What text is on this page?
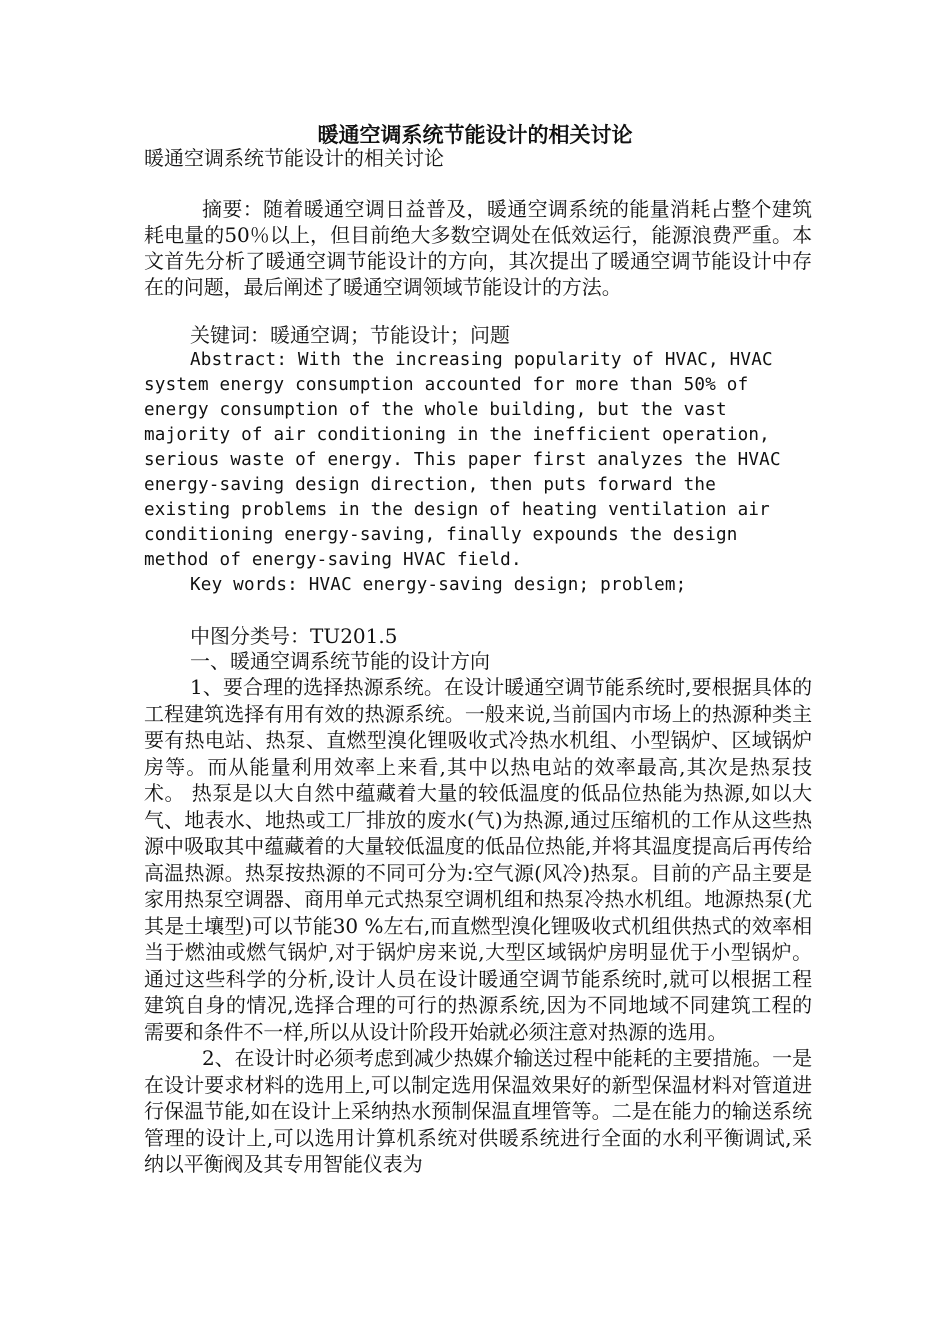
暖通空调系统节能设计的相关讨论

暖通空调系统节能设计的相关讨论

摘要：随着暖通空调日益普及，暖通空调系统的能量消耗占整个建筑耗电量的50％以上，但目前绝大多数空调处在低效运行，能源浪费严重。本文首先分析了暖通空调节能设计的方向，其次提出了暖通空调节能设计中存在的问题，最后阐述了暖通空调领域节能设计的方法。

关键词：暖通空调；节能设计；问题

Abstract: With the increasing popularity of HVAC, HVAC system energy consumption accounted for more than 50% of energy consumption of the whole building, but the vast majority of air conditioning in the inefficient operation, serious waste of energy. This paper first analyzes the HVAC energy-saving design direction, then puts forward the existing problems in the design of heating ventilation air conditioning energy-saving, finally expounds the design method of energy-saving HVAC field.

Key words: HVAC energy-saving design; problem;

中图分类号：TU201.5

一、暖通空调系统节能的设计方向

1、要合理的选择热源系统。在设计暖通空调节能系统时,要根据具体的工程建筑选择有用有效的热源系统。一般来说,当前国内市场上的热源种类主要有热电站、热泵、直燃型溴化锂吸收式冷热水机组、小型锅炉、区域锅炉房等。而从能量利用效率上来看,其中以热电站的效率最高,其次是热泵技术。 热泵是以大自然中蕴藏着大量的较低温度的低品位热能为热源,如以大气、地表水、地热或工厂排放的废水(气)为热源,通过压缩机的工作从这些热源中吸取其中蕴藏着的大量较低温度的低品位热能,并将其温度提高后再传给高温热源。热泵按热源的不同可分为:空气源(风冷)热泵。目前的产品主要是家用热泵空调器、商用单元式热泵空调机组和热泵冷热水机组。地源热泵(尤其是土壤型)可以节能30 %左右,而直燃型溴化锂吸收式机组供热式的效率相当于燃油或燃气锅炉,对于锅炉房来说,大型区域锅炉房明显优于小型锅炉。通过这些科学的分析,设计人员在设计暖通空调节能系统时,就可以根据工程建筑自身的情况,选择合理的可行的热源系统,因为不同地域不同建筑工程的需要和条件不一样,所以从设计阶段开始就必须注意对热源的选用。

2、在设计时必须考虑到减少热媒介输送过程中能耗的主要措施。一是在设计要求材料的选用上,可以制定选用保温效果好的新型保温材料对管道进行保温节能,如在设计上采纳热水预制保温直埋管等。二是在能力的输送系统管理的设计上,可以选用计算机系统对供暖系统进行全面的水利平衡调试,采纳以平衡阀及其专用智能仪表为
